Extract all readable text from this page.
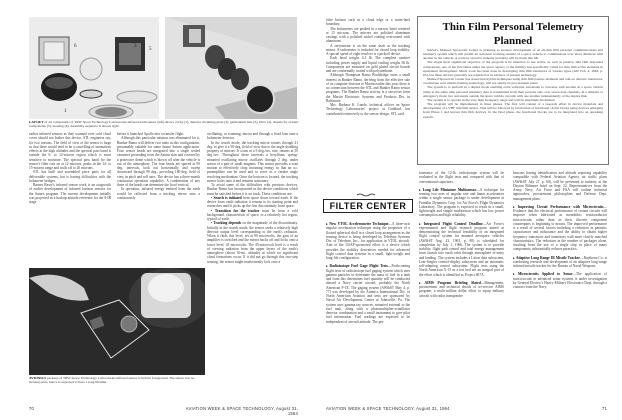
6
2
3
5
1
LAYOUT of all components of TRW Space Technology Laboratories infrared earth sensor (left) shows cavity (1), detector mounting plate (2), germanium lens (3), filter (4), chassis for avionic components (5), housing (6). Assembly sequence is shown right.

earlier infrared sensors as they scanned over cold cloud cover should not bother this device, STL engineers say, for two reasons. The field of view of the sensor is large so that there would tend to be a cancelling of anomalous effects at the high altitudes and the spectral pass band is outside the 6- to 12-micron region which is most sensitive to moisture. The spectral pass band for the sensor's filter cuts on at 12 microns, peaks in the 14- to 15-micron range and trails off to 20 microns.

STL has built and assembled piece parts for all deliverable systems, but is having difficulties with the bolometer bridges.

Barnes Rasor's infrared sensor work is an outgrowth of earlier development of infrared horizon sensors for the Saturn program. The current development initially was projected as a backup attitude reference for the S-IB stage

before it launched Apollo into a transfer flight.

Although this particular mission was eliminated for it, Bunker Ramo will deliver two units in this configuration, presumably suitable for some future Saturn application. Four sensor heads are integrated into a single sealed cannister protruding from the Saturn skin and covered by a protective dome which is blown off after the vehicle is out of the atmosphere. The four heads are spaced at 90 deg. intervals, look out horizontally and sweep downward through 90 deg., providing 180-deg. field of view in pitch and roll axes. The device has a three-month continuous operation capability. A combination of any three of the heads can determine the local vertical.

In operation, infrared energy emitted from the earth would be reflected from a tracking mirror onto a continuously

oscillating, or scanning, mirror and through a fixed lens onto a bolometer detector.

In the search mode, the tracking mirror rotates through 41 deg. to give it a 50-deg. field of view due to the angle doubling property of mirrors. It scans at a 5-deg./sec. rate, returns at 50 deg./sec. Throughout these intervals a beryllium, spring-mounted oscillating mirror oscillates through 2 deg. under action of a pair of small magnets. This mirror provides a scan motion to effectively chop incoming energy so that an a.c. preamplifier can be used and to serve as a vernier angle resolving mechanism. Once the horizon is located, the tracking mirror locks onto it and remains stationary.

To avoid some of the difficulties with previous devices, Bunker Ramo has incorporated in the device conditions which must be satisfied before it is on track. These conditions are:

• Search is initiated from space down toward earth. If the device loses earth radiation it returns to its starting point and researches until it picks up the first discontinuity from space.

• Transition for the tracker must be from a cold background, characteristic of space, to a relatively hot region, typical of earth.

• Tracking depends on the magnitude of the discontinuity. Initially in the search mode, the sensor seeks a relatively high detector output level corresponding to the earth's radiation. When it finds this level, set at 90 microvolts, the gain of an amplifier is switched and the mirror backs off and locks onto a lower level, 45 microvolts. The 45-microvolt level is a result of viewing radiation from the upper layers of the earth's atmosphere (about 30-mi. altitude) at which no significant cloud formations occur. If it did not go through this two-step sensing, the sensor might inadvertently lock onto a

AVIONICS package of TRW Space Technology Laboratories infrared sensor is held in foreground. The sensor has no moving parts, hence is expected to have a long lifetime.
70	AVIATION WEEK & SPACE TECHNOLOGY, August 31, 1964

false horizon such as a cloud edge or a water-land boundary.

The bolometers are peaked in a narrow band centered at 15 microns. The mirrors are polished aluminum castings with a polished nickel coating overcoated with aluminum.

A servomotor is on the same shaft as the tracking mirror. A tachometer is included for closed loop stability. A special speed of eight resolver is a pickoff device.

Each head weighs 4.3 lb. The complete canister including power supply and liquid cooling weighs 36 lb. Components are mounted on gold plated circuit boards and are conformally coated with polyurethane.

Although Thompson Ramo Wooldridge owns a small interest in Bunker Ramo, deriving from the effective sale of its computer division to Martin earlier this year, there is no connection between the STL and Bunker Ramo sensor programs. The Bunker Ramo activity is a carryover from the Martin Electronic Systems and Products Div. in Baltimore.

Mrs. Barbara K. Lunde, technical officer on Space Technology Laboratories' project at Goddard, has contributed extensively to the sensor design, STL said.

Thin Film Personal Telemetry Planned

NASA's Manned Spacecraft Center is planning to sponsor development of an all-thin film personal communications and telemetry system which will permit an astronaut working outside of a space vehicle to communicate over short distances with another in the vehicle. A contract award to industry probably will be made this fall.

The single most significant objective of the program is its intention to use active, as well as passive, thin film deposited components, one of the first times either the space agency or the military has specifically called for thin film active elements in equipment development. Much work has been done in developing thin film transistors of various types (AW Feb. 4, 1963, p. 65), but these devices generally are regarded as in advance of present technology.

Manned Spacecraft Center has stated that hybrid techniques using thin film passive elements and add-on discrete transistors, a technique well within existing technology, will not satisfy its procurement plans.

The system is to perform in a duplex mode enabling extra vehicular astronauts to converse with another in a space vehicle while at the same time personal telemetry data is transmitted from their persons onto over seven data channels. In a simplex or emergency mode two astronauts outside the space vehicle can talk with one another independently of the duplex link.

The system is to operate in the very high frequency range and will be amplitude modulated.

The program will be implemented in three phases. The first will consist of a research effort in device materials and development of a VHF thin film device. This will be followed by fabrication of functional circuit blocks using devices emerging from Phase 1 and known thin film devices. In the final phase, the functional blocks are to be integrated into an operating system.

FILTER CENTER

▸ New VTOL Accelerometer Technique—A three-axis angular acceleration technique using the properties of a floated spherical shell in a closed loop arrangement as the sensing device is being developed by Teledyne Systems Div. of Teledyne, Inc., for application in VTOL aircraft. Aim of the USAF-sponsored effort is a device which provides the stability derivatives needed for advanced flight control data systems in a small, light-weight and long-life configuration.

▸ Radioisotope Fuel Gage Flight Tests—Forthcoming flight tests of radioisotope fuel gaging system which uses gamma particles to determine the mass of fuel in a tank and from this determines fuel quantity will be conducted aboard a Navy carrier aircraft, probably the North American F-1E. The gaging system (AW&ST May 4, p. 77) was developed by the Atomics International Div. of North American Aviation and tests are sponsored by Naval Air Development Center at Johnsville, Pa. The system uses gamma ray sources, mounted external to the fuel tank, along with a photomultiplier-scintillator detector combination and a small instrument to give pilot fuel information. Fuel readings are expected to be independent of aircraft attitude. The per-

formance of the 12-lb. radioisotope system will be evaluated in the flight tests and compared with that of conventional capacitors.

▸ Long Life Miniature Multisensor—A technique for sensing two axes of angular rate and linear acceleration within a single sensor package is under development at Franklin Dynamics Corp. for Air Force's Flight Dynamics Laboratory. The program is expected to result in a small, lightweight and simple multisensor which has low power consumption and high reliability.

▸ Integrated Flight Control Deadline—Air Force's experimental and flight research program aimed at demonstrating the technical feasibility of an integrated flight control system for manned aerospace vehicles (AW&ST Aug. 23, 1963, p. 80) is scheduled for completion by July 1, 1966. The system is to provide stability, flight path control and total energy management from launch into earth orbit through atmosphere re-entry and landing. The system includes a Litton data subsystem, Lear-Siegler control-display subsystem and an automatic self-adapting control subsystem. Flight tests using the North American X-15 as a test bed are an integral part of the effort which is identified as Project 667A.

▸ AIMS Program Briefing Slated—Management, procurement and technical details of tri-service AIMS program, a multi-million dollar effort to equip military aircraft with radar transponder

beacons having identification and altitude reporting capability compatible with Federal Aviation Agency air traffic plans (AW&ST July 27, p. 60), will be presented to industry at the Dayton Biltmore hotel on Sept. 22. Representatives from the Army, Navy, Air Force and FAA will outline technical approaches, procurement philosophies and Defense Dept. management plans.

▸ Improving Circuit Performance with Microcircuits—Evidence that the electrical performance of certain circuits will improve when fabricated as monolithic semiconductor microcircuits rather than as their discrete component counterparts is beginning to mount. The improved performance is a result of several factors including a reduction in parasitic capacitances and inductance and the ability to obtain higher frequency transistors and transistors with more closely matched characteristics. The reduction in the number of packages alone, resulting from the use of a single chip in place of many components, substantially reduces parasitics.

▸ Adaptive Long Range IR Missile Tracker—Raytheon Co. is conducting research and development of an adaptive long-range infrared missile tracker for the Bureau of Naval Weapons.

▸ Microcircuits Applied to Sonar—The application of microcircuits to advanced sonar systems is under investigation by General Electric's Heavy Military Electronics Dept. through a contract from the Navy.

AVIATION WEEK & SPACE TECHNOLOGY, August 31, 1964	71
